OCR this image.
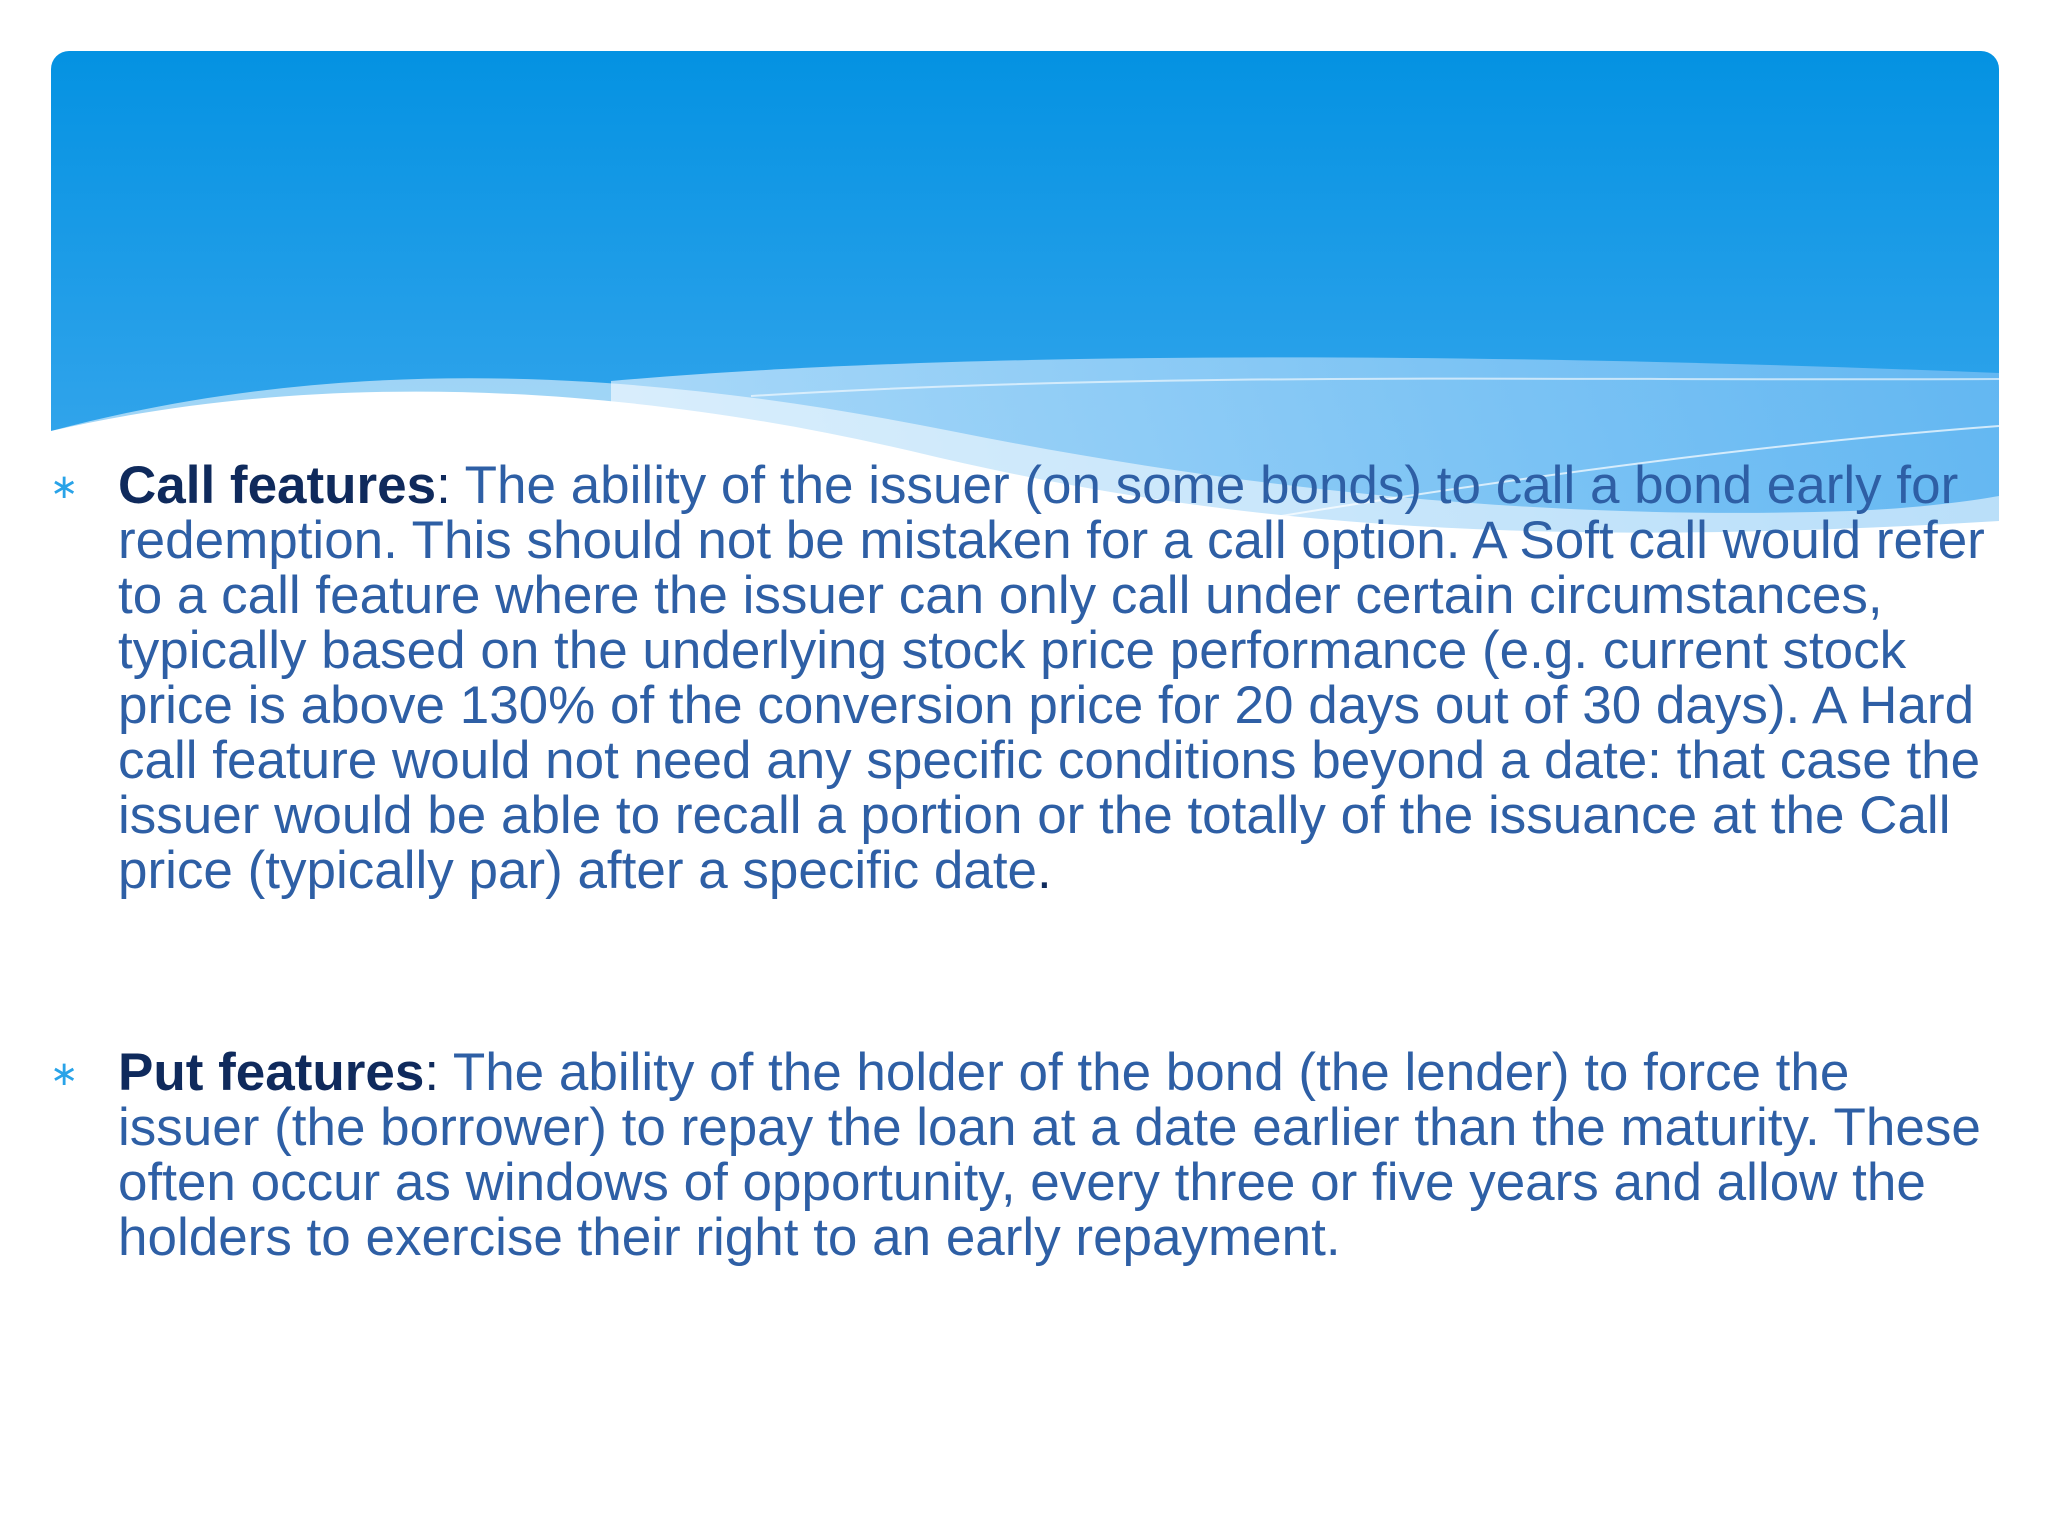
∗ Call features: The ability of the issuer (on some bonds) to call a bond early for redemption. This should not be mistaken for a call option. A Soft call would refer to a call feature where the issuer can only call under certain circumstances, typically based on the underlying stock price performance (e.g. current stock price is above 130% of the conversion price for 20 days out of 30 days). A Hard call feature would not need any specific conditions beyond a date: that case the issuer would be able to recall a portion or the totally of the issuance at the Call price (typically par) after a specific date.
∗ Put features: The ability of the holder of the bond (the lender) to force the issuer (the borrower) to repay the loan at a date earlier than the maturity. These often occur as windows of opportunity, every three or five years and allow the holders to exercise their right to an early repayment.
